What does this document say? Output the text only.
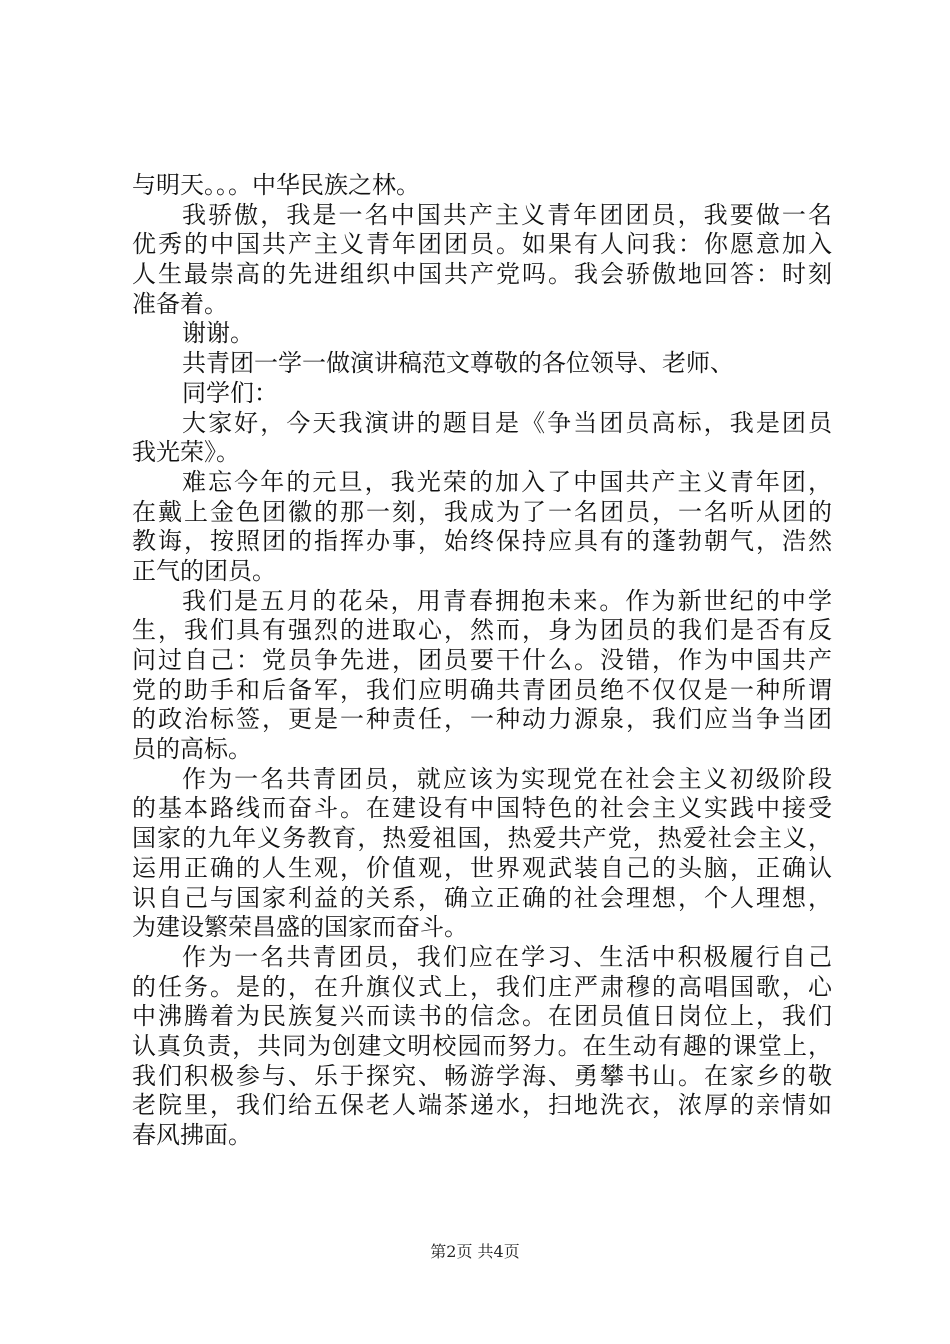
与明天。。。中华民族之林。
我骄傲，我是一名中国共产主义青年团团员，我要做一名
优秀的中国共产主义青年团团员。如果有人问我：你愿意加入
人生最崇高的先进组织中国共产党吗。我会骄傲地回答：时刻
准备着。
谢谢。
共青团一学一做演讲稿范文尊敬的各位领导、老师、
同学们：
大家好，今天我演讲的题目是《争当团员高标，我是团员
我光荣》。
难忘今年的元旦，我光荣的加入了中国共产主义青年团，
在戴上金色团徽的那一刻，我成为了一名团员，一名听从团的
教诲，按照团的指挥办事，始终保持应具有的蓬勃朝气，浩然
正气的团员。
我们是五月的花朵，用青春拥抱未来。作为新世纪的中学
生，我们具有强烈的进取心，然而，身为团员的我们是否有反
问过自己：党员争先进，团员要干什么。没错，作为中国共产
党的助手和后备军，我们应明确共青团员绝不仅仅是一种所谓
的政治标签，更是一种责任，一种动力源泉，我们应当争当团
员的高标。
作为一名共青团员，就应该为实现党在社会主义初级阶段
的基本路线而奋斗。在建设有中国特色的社会主义实践中接受
国家的九年义务教育，热爱祖国，热爱共产党，热爱社会主义，
运用正确的人生观，价值观，世界观武装自己的头脑，正确认
识自己与国家利益的关系，确立正确的社会理想，个人理想，
为建设繁荣昌盛的国家而奋斗。
作为一名共青团员，我们应在学习、生活中积极履行自己
的任务。是的，在升旗仪式上，我们庄严肃穆的高唱国歌，心
中沸腾着为民族复兴而读书的信念。在团员值日岗位上，我们
认真负责，共同为创建文明校园而努力。在生动有趣的课堂上，
我们积极参与、乐于探究、畅游学海、勇攀书山。在家乡的敬
老院里，我们给五保老人端茶递水，扫地洗衣，浓厚的亲情如
春风拂面。
第2页 共4页
